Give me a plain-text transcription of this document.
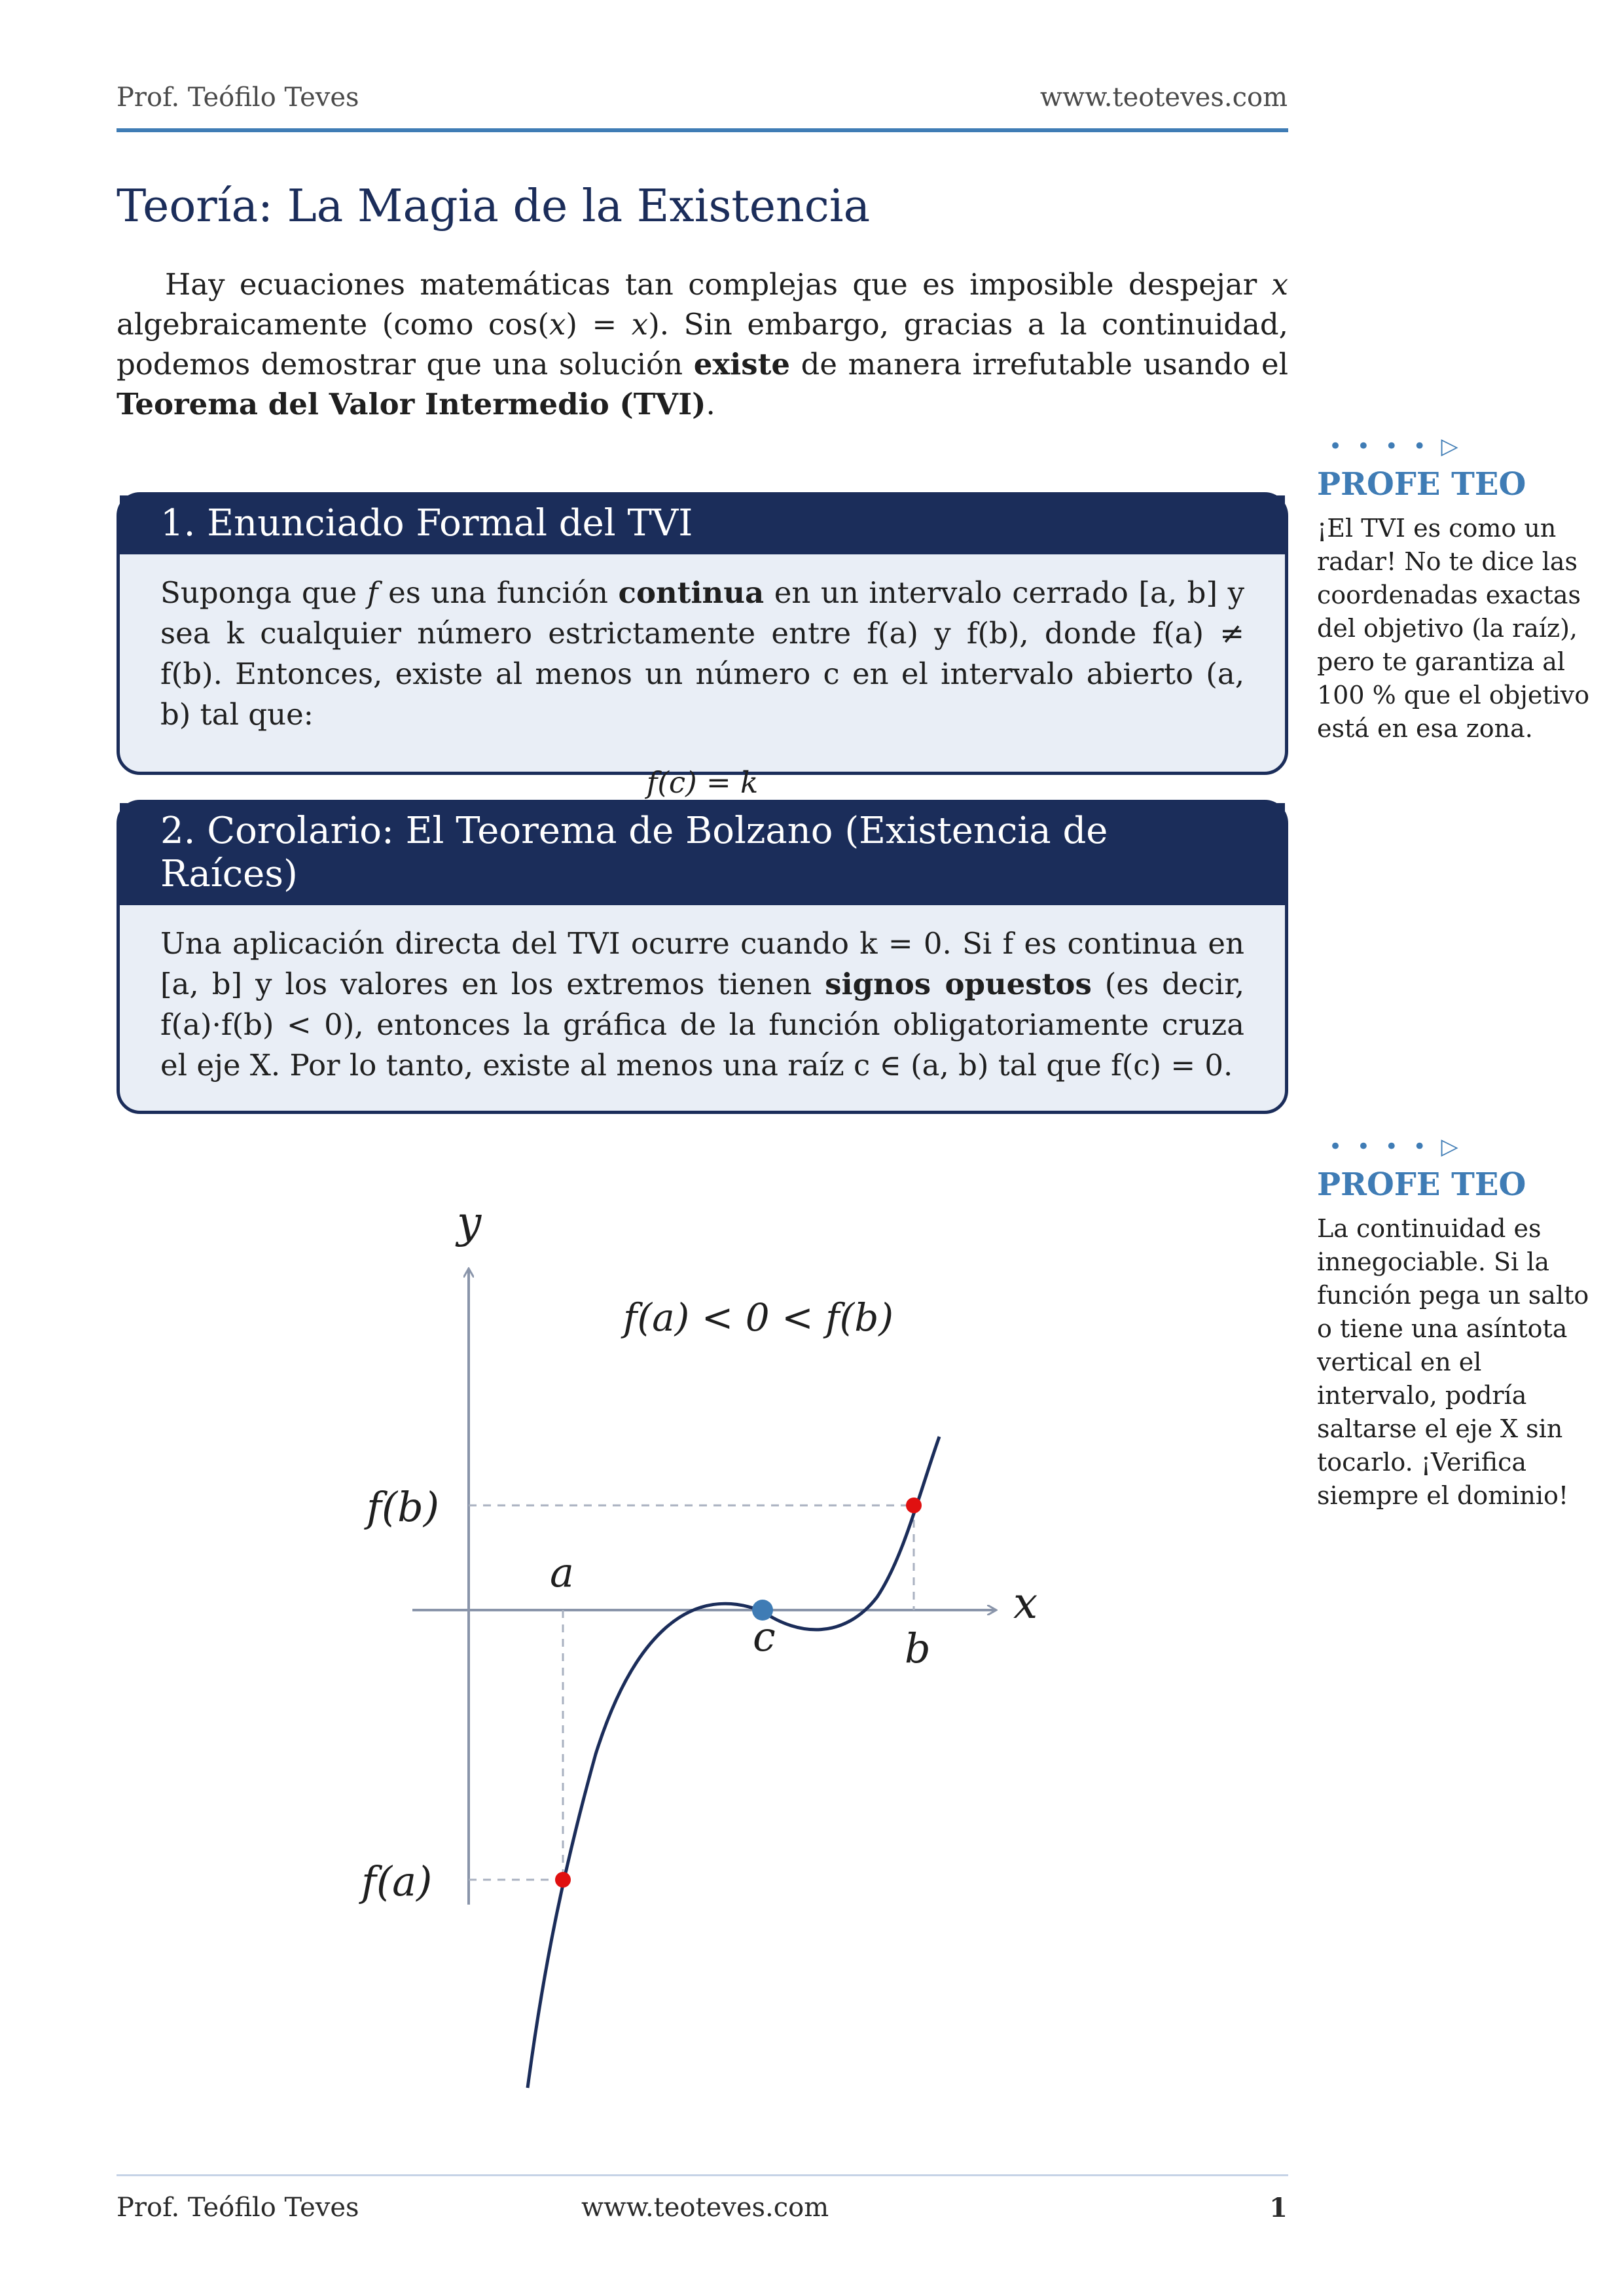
Prof. Teófilo Teves	www.teoteves.com
Teoría: La Magia de la Existencia

Hay ecuaciones matemáticas tan complejas que es imposible despejar x algebraicamente (como cos(x) = x). Sin embargo, gracias a la continuidad, podemos demostrar que una solución existe de manera irrefutable usando el Teorema del Valor Intermedio (TVI).

1. Enunciado Formal del TVI

Suponga que f es una función continua en un intervalo cerrado [a, b] y sea k cualquier número estrictamente entre f(a) y f(b), donde f(a) ≠ f(b). Entonces, existe al menos un número c en el intervalo abierto (a, b) tal que:

f(c) = k

2. Corolario: El Teorema de Bolzano (Existencia de Raíces)

Una aplicación directa del TVI ocurre cuando k = 0. Si f es continua en [a, b] y los valores en los extremos tienen signos opuestos (es decir, f(a)·f(b) < 0), entonces la gráfica de la función obligatoriamente cruza el eje X. Por lo tanto, existe al menos una raíz c ∈ (a, b) tal que f(c) = 0.

• • • • ▷
PROFE TEO
¡El TVI es como un radar! No te dice las coordenadas exactas del objetivo (la raíz), pero te garantiza al 100 % que el objetivo está en esa zona.
• • • • ▷
PROFE TEO
La continuidad es innegociable. Si la función pega un salto o tiene una asíntota vertical en el intervalo, podría saltarse el eje X sin tocarlo. ¡Verifica siempre el dominio!
y
x
f(a) < 0 < f(b)
f(b)
f(a)
a
b
c
Prof. Teófilo Teves	www.teoteves.com	1
